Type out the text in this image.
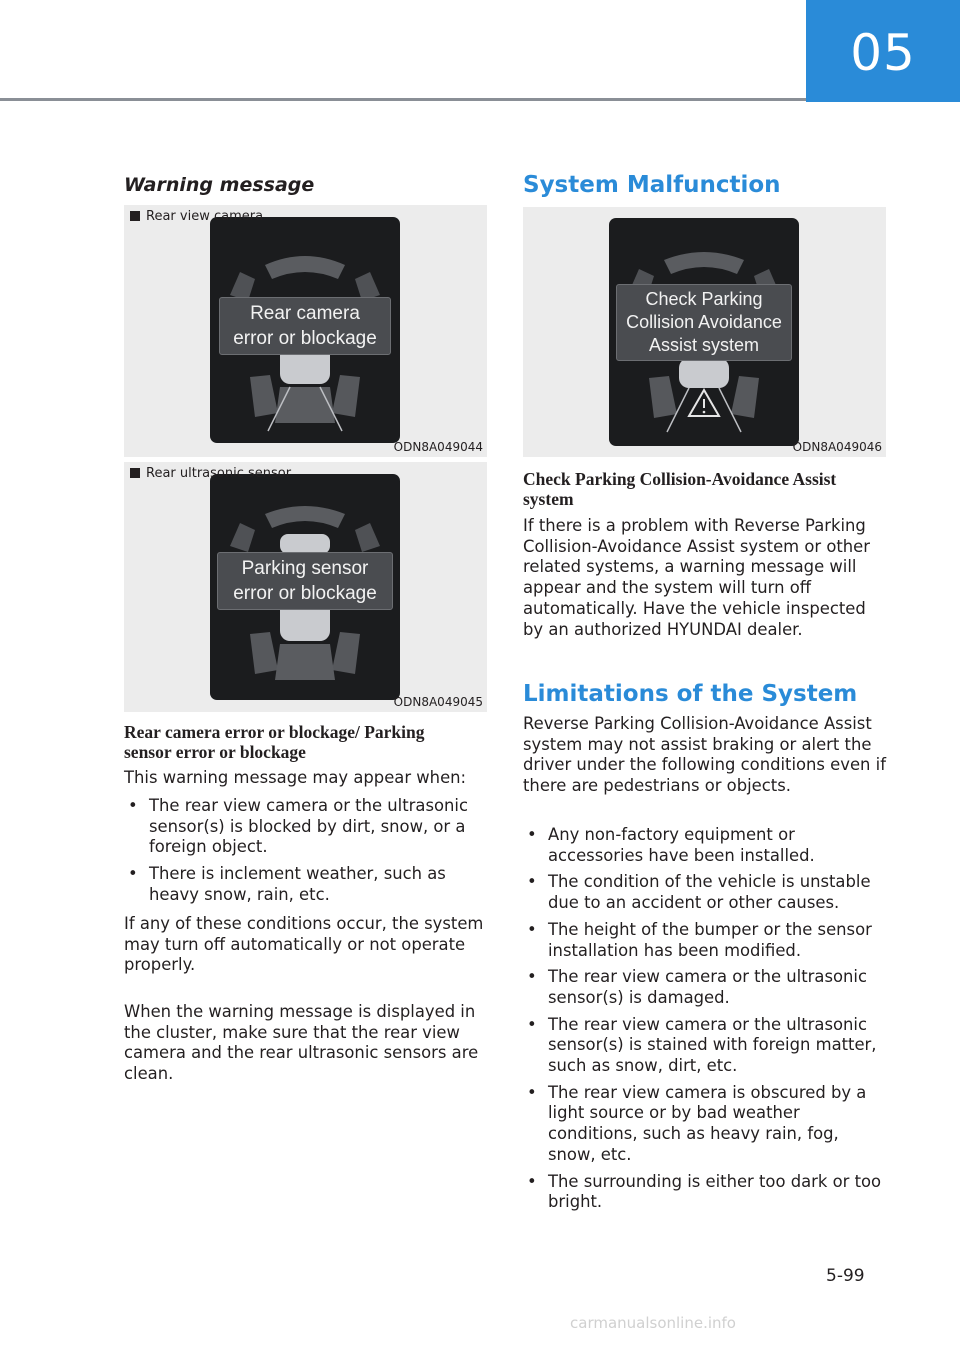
05
Warning message
Rear view camera
Rear camera
error or blockage
ODN8A049044
Rear ultrasonic sensor
Parking sensor
error or blockage
ODN8A049045
Rear camera error or blockage/ Parking
sensor error or blockage
This warning message may appear when:
• The rear view camera or the ultrasonic sensor(s) is blocked by dirt, snow, or a foreign object.
• There is inclement weather, such as heavy snow, rain, etc.
If any of these conditions occur, the system may turn off automatically or not operate properly.
When the warning message is displayed in the cluster, make sure that the rear view camera and the rear ultrasonic sensors are clean.
System Malfunction
Check Parking
Collision Avoidance
Assist system
ODN8A049046
Check Parking Collision-Avoidance Assist
system
If there is a problem with Reverse Parking Collision-Avoidance Assist system or other related systems, a warning message will appear and the system will turn off automatically. Have the vehicle inspected by an authorized HYUNDAI dealer.
Limitations of the System
Reverse Parking Collision-Avoidance Assist system may not assist braking or alert the driver under the following conditions even if there are pedestrians or objects.
• Any non-factory equipment or accessories have been installed.
• The condition of the vehicle is unstable due to an accident or other causes.
• The height of the bumper or the sensor installation has been modified.
• The rear view camera or the ultrasonic sensor(s) is damaged.
• The rear view camera or the ultrasonic sensor(s) is stained with foreign matter, such as snow, dirt, etc.
• The rear view camera is obscured by a light source or by bad weather conditions, such as heavy rain, fog, snow, etc.
• The surrounding is either too dark or too bright.
5-99
carmanualsonline.info
